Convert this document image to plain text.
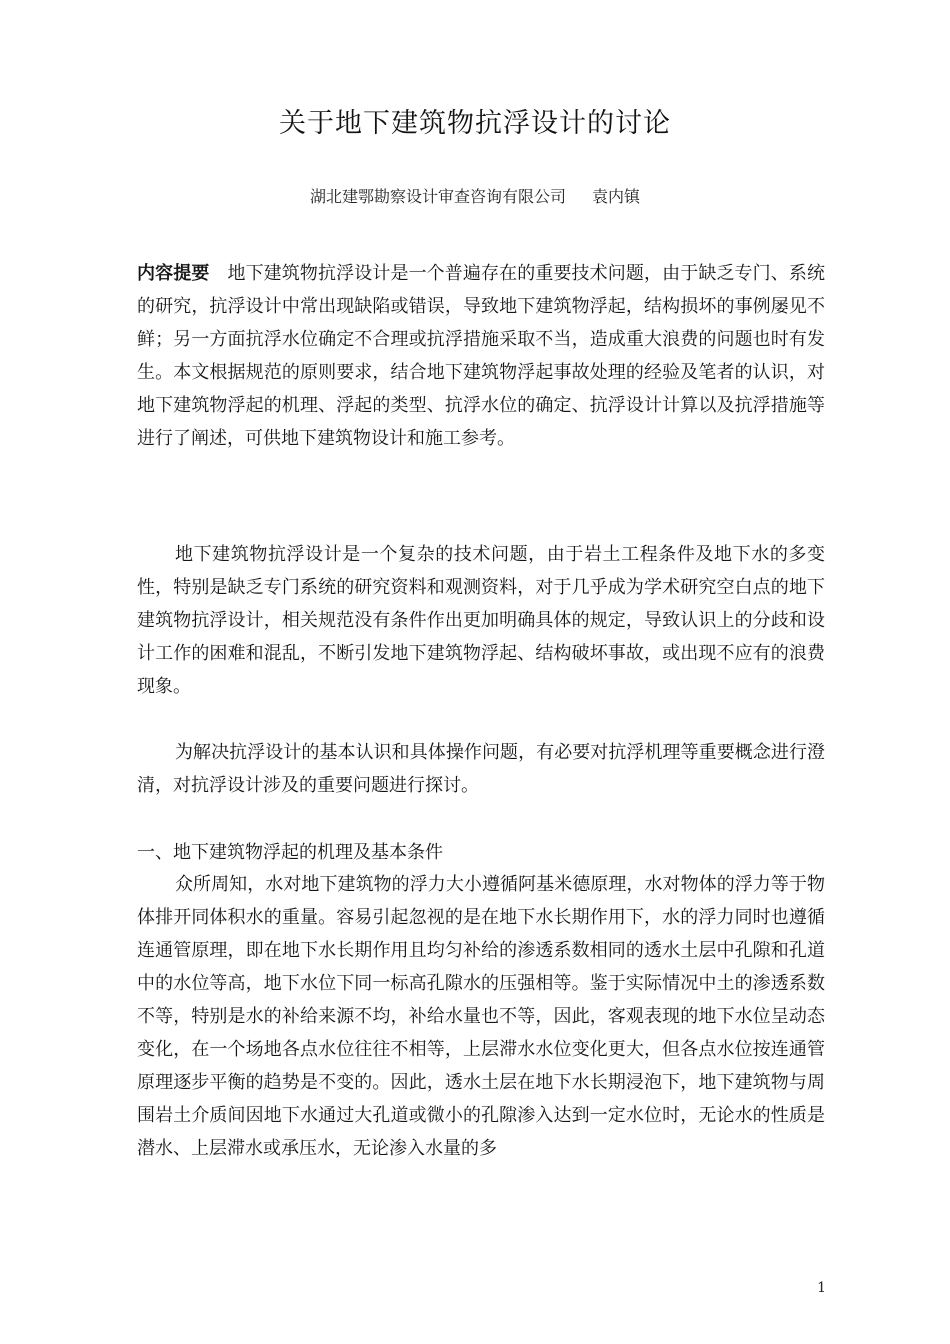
关于地下建筑物抗浮设计的讨论
湖北建鄂勘察设计审查咨询有限公司 袁内镇
内容提要 地下建筑物抗浮设计是一个普遍存在的重要技术问题，由于缺乏专门、系统的研究，抗浮设计中常出现缺陷或错误，导致地下建筑物浮起，结构损坏的事例屡见不鲜；另一方面抗浮水位确定不合理或抗浮措施采取不当，造成重大浪费的问题也时有发生。本文根据规范的原则要求，结合地下建筑物浮起事故处理的经验及笔者的认识，对地下建筑物浮起的机理、浮起的类型、抗浮水位的确定、抗浮设计计算以及抗浮措施等进行了阐述，可供地下建筑物设计和施工参考。
地下建筑物抗浮设计是一个复杂的技术问题，由于岩土工程条件及地下水的多变性，特别是缺乏专门系统的研究资料和观测资料，对于几乎成为学术研究空白点的地下建筑物抗浮设计，相关规范没有条件作出更加明确具体的规定，导致认识上的分歧和设计工作的困难和混乱，不断引发地下建筑物浮起、结构破坏事故，或出现不应有的浪费现象。
为解决抗浮设计的基本认识和具体操作问题，有必要对抗浮机理等重要概念进行澄清，对抗浮设计涉及的重要问题进行探讨。
一、地下建筑物浮起的机理及基本条件
众所周知，水对地下建筑物的浮力大小遵循阿基米德原理，水对物体的浮力等于物体排开同体积水的重量。容易引起忽视的是在地下水长期作用下，水的浮力同时也遵循连通管原理，即在地下水长期作用且均匀补给的渗透系数相同的透水土层中孔隙和孔道中的水位等高，地下水位下同一标高孔隙水的压强相等。鉴于实际情况中土的渗透系数不等，特别是水的补给来源不均，补给水量也不等，因此，客观表现的地下水位呈动态变化，在一个场地各点水位往往不相等，上层滞水水位变化更大，但各点水位按连通管原理逐步平衡的趋势是不变的。因此，透水土层在地下水长期浸泡下，地下建筑物与周围岩土介质间因地下水通过大孔道或微小的孔隙渗入达到一定水位时，无论水的性质是潜水、上层滞水或承压水，无论渗入水量的多
1
